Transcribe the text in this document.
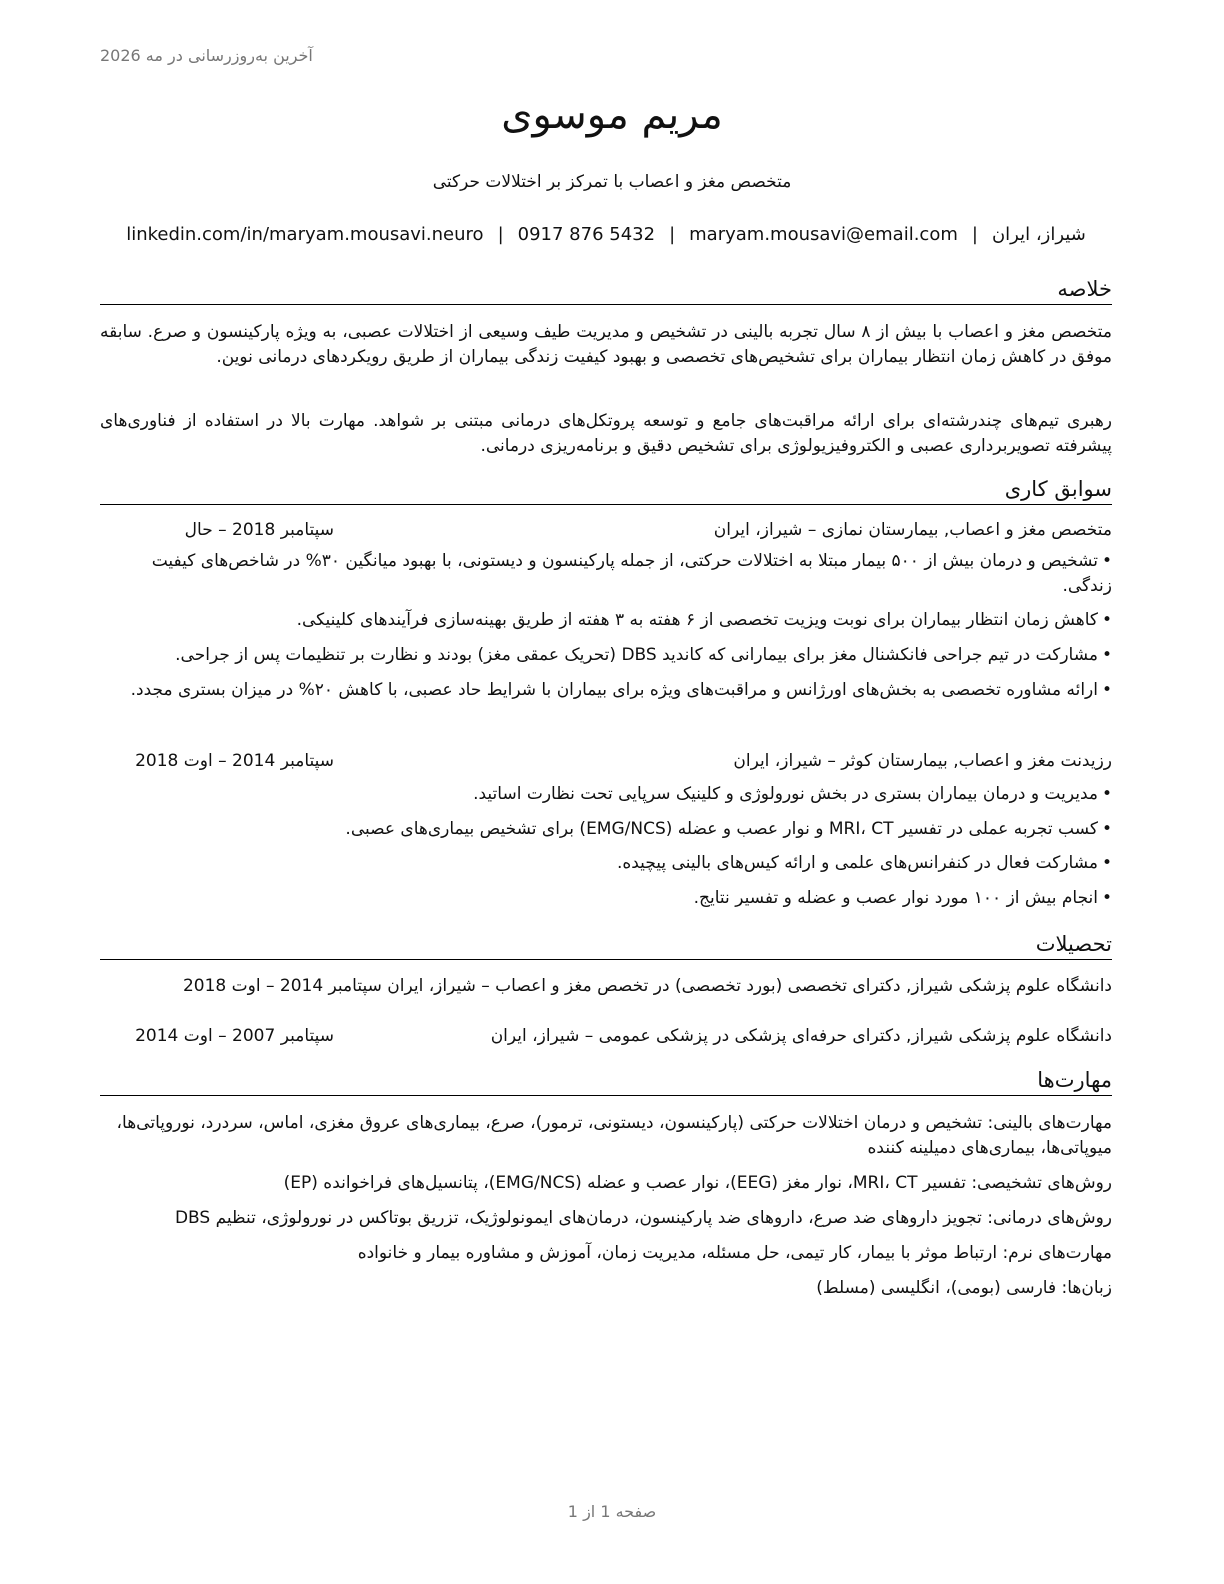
آخرین به‌روزرسانی در مه 2026
مریم موسوی
متخصص مغز و اعصاب با تمرکز بر اختلالات حرکتی
شیراز، ایران|maryam.mousavi@email.com|0917 876 5432|linkedin.com/in/maryam.mousavi.neuro
خلاصه
متخصص مغز و اعصاب با بیش از ۸ سال تجربه بالینی در تشخیص و مدیریت طیف وسیعی از اختلالات عصبی، به ویژه پارکینسون و صرع. سابقه موفق در کاهش زمان انتظار بیماران برای تشخیص‌های تخصصی و بهبود کیفیت زندگی بیماران از طریق رویکردهای درمانی نوین.
رهبری تیم‌های چندرشته‌ای برای ارائه مراقبت‌های جامع و توسعه پروتکل‌های درمانی مبتنی بر شواهد. مهارت بالا در استفاده از فناوری‌های پیشرفته تصویربرداری عصبی و الکتروفیزیولوژی برای تشخیص دقیق و برنامه‌ریزی درمانی.
سوابق کاری
متخصص مغز و اعصاب, بیمارستان نمازی – شیراز، ایران
سپتامبر 2018 – حال
•تشخیص و درمان بیش از ۵۰۰ بیمار مبتلا به اختلالات حرکتی، از جمله پارکینسون و دیستونی، با بهبود میانگین ۳۰% در شاخص‌های کیفیت زندگی.
•کاهش زمان انتظار بیماران برای نوبت ویزیت تخصصی از ۶ هفته به ۳ هفته از طریق بهینه‌سازی فرآیندهای کلینیکی.
•مشارکت در تیم جراحی فانکشنال مغز برای بیمارانی که کاندید DBS (تحریک عمقی مغز) بودند و نظارت بر تنظیمات پس از جراحی.
•ارائه مشاوره تخصصی به بخش‌های اورژانس و مراقبت‌های ویژه برای بیماران با شرایط حاد عصبی، با کاهش ۲۰% در میزان بستری مجدد.
رزیدنت مغز و اعصاب, بیمارستان کوثر – شیراز، ایران
سپتامبر 2014 – اوت 2018
•مدیریت و درمان بیماران بستری در بخش نورولوژی و کلینیک سرپایی تحت نظارت اساتید.
•کسب تجربه عملی در تفسیر MRI، CT و نوار عصب و عضله (EMG/NCS) برای تشخیص بیماری‌های عصبی.
•مشارکت فعال در کنفرانس‌های علمی و ارائه کیس‌های بالینی پیچیده.
•انجام بیش از ۱۰۰ مورد نوار عصب و عضله و تفسیر نتایج.
تحصیلات
دانشگاه علوم پزشکی شیراز, دکترای تخصصی (بورد تخصصی) در تخصص مغز و اعصاب – شیراز، ایران سپتامبر 2014 – اوت 2018
دانشگاه علوم پزشکی شیراز, دکترای حرفه‌ای پزشکی در پزشکی عمومی – شیراز، ایران
سپتامبر 2007 – اوت 2014
مهارت‌ها
مهارت‌های بالینی: تشخیص و درمان اختلالات حرکتی (پارکینسون، دیستونی، ترمور)، صرع، بیماری‌های عروق مغزی، اماس، سردرد، نوروپاتی‌ها، میوپاتی‌ها، بیماری‌های دمیلینه کننده
روش‌های تشخیصی: تفسیر MRI، CT، نوار مغز (EEG)، نوار عصب و عضله (EMG/NCS)، پتانسیل‌های فراخوانده (EP)
روش‌های درمانی: تجویز داروهای ضد صرع، داروهای ضد پارکینسون، درمان‌های ایمونولوژیک، تزریق بوتاکس در نورولوژی، تنظیم DBS
مهارت‌های نرم: ارتباط موثر با بیمار، کار تیمی، حل مسئله، مدیریت زمان، آموزش و مشاوره بیمار و خانواده
زبان‌ها: فارسی (بومی)، انگلیسی (مسلط)
صفحه 1 از 1
